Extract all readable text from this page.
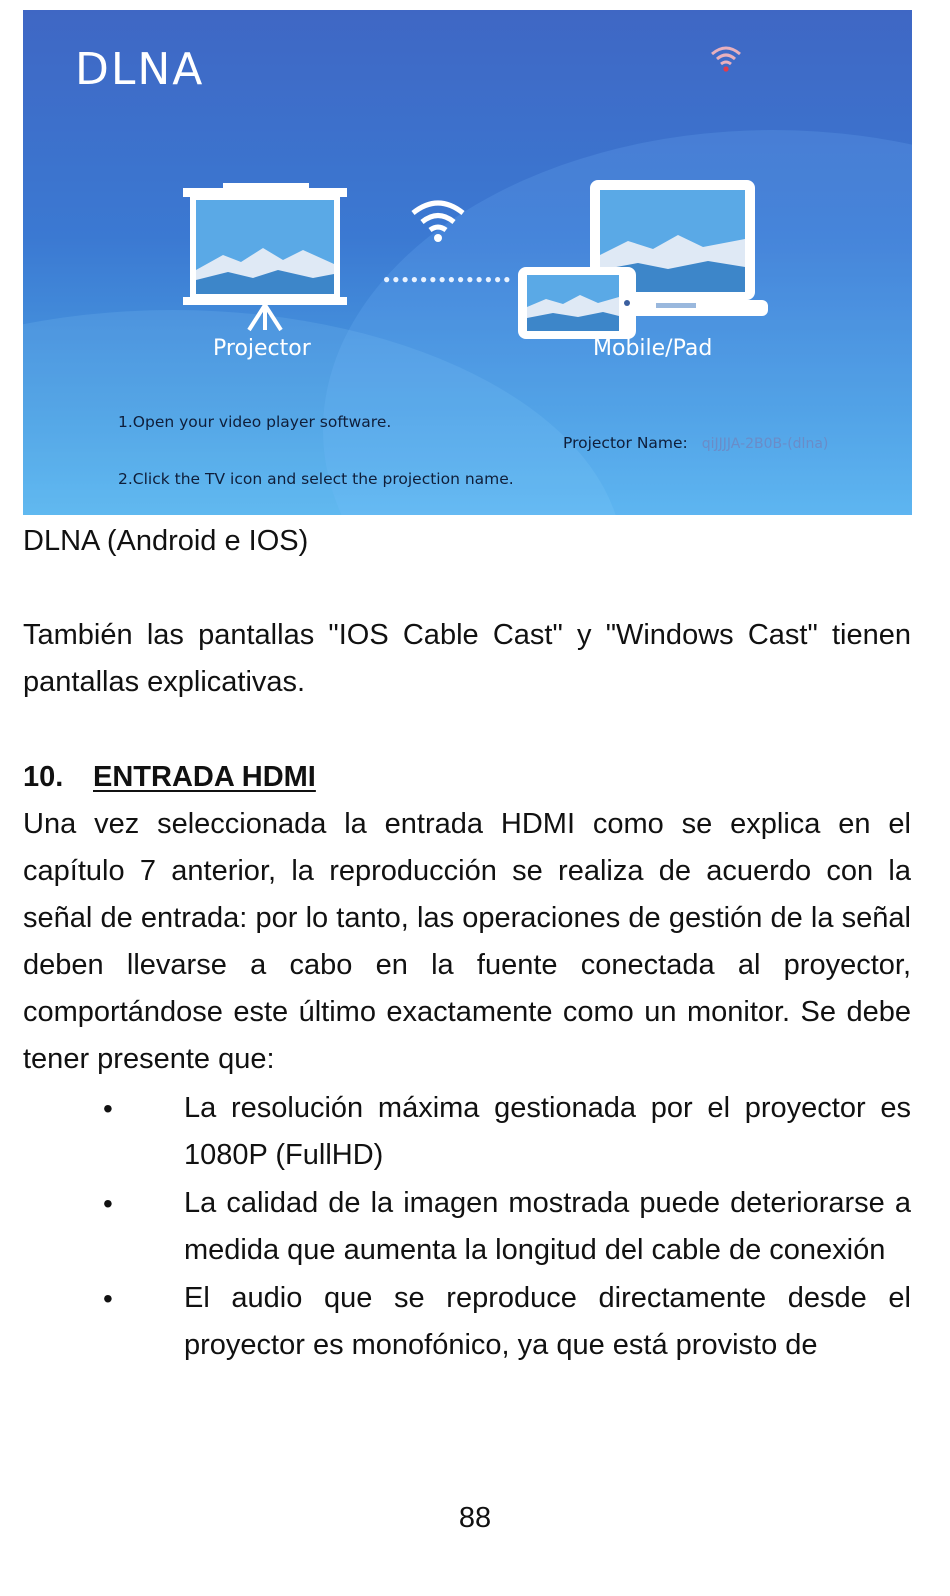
DLNA
●●●●●●●●●●●●●●
Projector	Mobile/Pad
1.Open your video player software.
2.Click the TV icon and select the projection name.
Projector Name: qiJJJJA-2B0B-(dlna)
DLNA (Android e IOS)
También las pantallas "IOS Cable Cast" y "Windows Cast" tienen pantallas explicativas.
10. ENTRADA HDMI
Una vez seleccionada la entrada HDMI como se explica en el capítulo 7 anterior, la reproducción se realiza de acuerdo con la señal de entrada: por lo tanto, las operaciones de gestión de la señal deben llevarse a cabo en la fuente conectada al proyector, comportándose este último exactamente como un monitor. Se debe tener presente que:
• La resolución máxima gestionada por el proyector es 1080P (FullHD)
• La calidad de la imagen mostrada puede deteriorarse a medida que aumenta la longitud del cable de conexión
• El audio que se reproduce directamente desde el proyector es monofónico, ya que está provisto de
88
